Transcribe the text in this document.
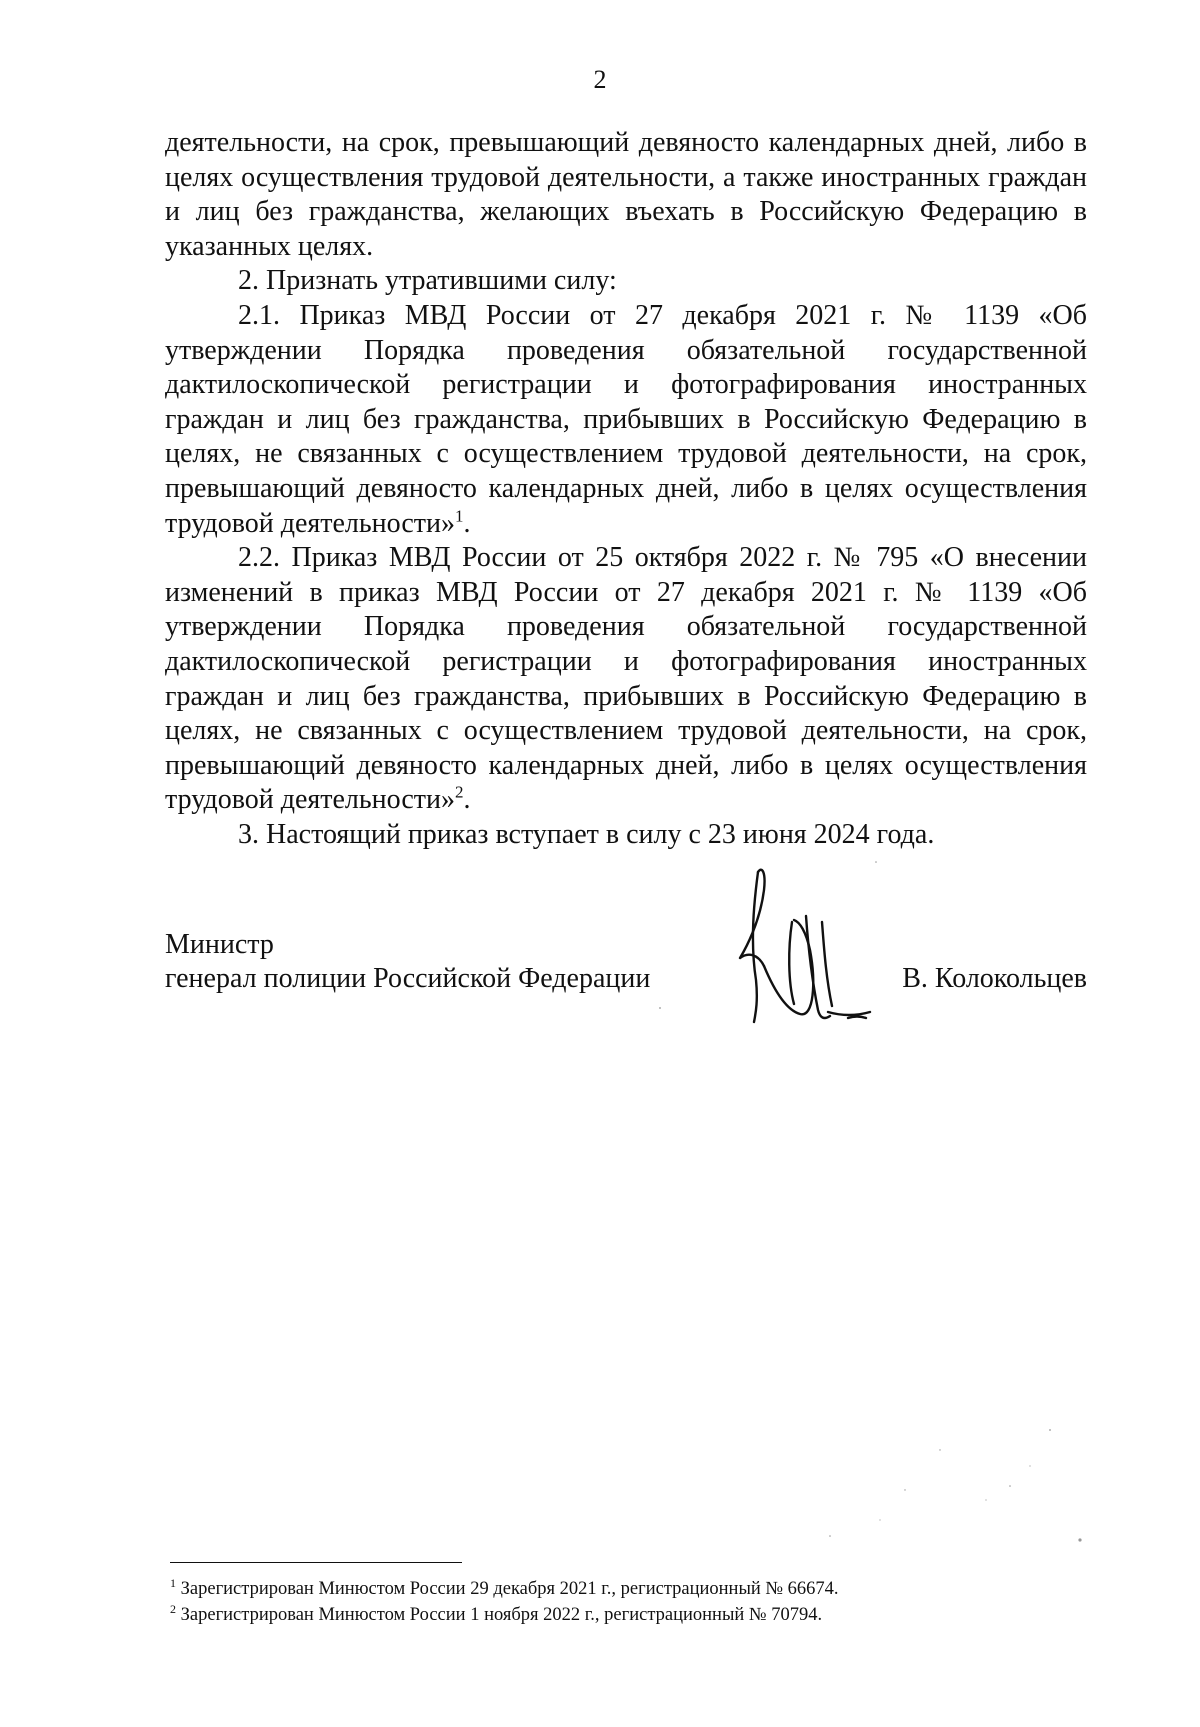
2

деятельности, на срок, превышающий девяносто календарных дней, либо в целях осуществления трудовой деятельности, а также иностранных граждан и лиц без гражданства, желающих въехать в Российскую Федерацию в указанных целях.

2. Признать утратившими силу:

2.1. Приказ МВД России от 27 декабря 2021 г. № 1139 «Об утверждении Порядка проведения обязательной государственной дактилоскопической регистрации и фотографирования иностранных граждан и лиц без гражданства, прибывших в Российскую Федерацию в целях, не связанных с осуществлением трудовой деятельности, на срок, превышающий девяносто календарных дней, либо в целях осуществления трудовой деятельности»$^1$.

2.2. Приказ МВД России от 25 октября 2022 г. № 795 «О внесении изменений в приказ МВД России от 27 декабря 2021 г. № 1139 «Об утверждении Порядка проведения обязательной государственной дактилоскопической регистрации и фотографирования иностранных граждан и лиц без гражданства, прибывших в Российскую Федерацию в целях, не связанных с осуществлением трудовой деятельности, на срок, превышающий девяносто календарных дней, либо в целях осуществления трудовой деятельности»$^2$.

3. Настоящий приказ вступает в силу с 23 июня 2024 года.

Министр
генерал полиции Российской Федерации	В. Колокольцев

$^1$ Зарегистрирован Минюстом России 29 декабря 2021 г., регистрационный № 66674.

$^2$ Зарегистрирован Минюстом России 1 ноября 2022 г., регистрационный № 70794.
